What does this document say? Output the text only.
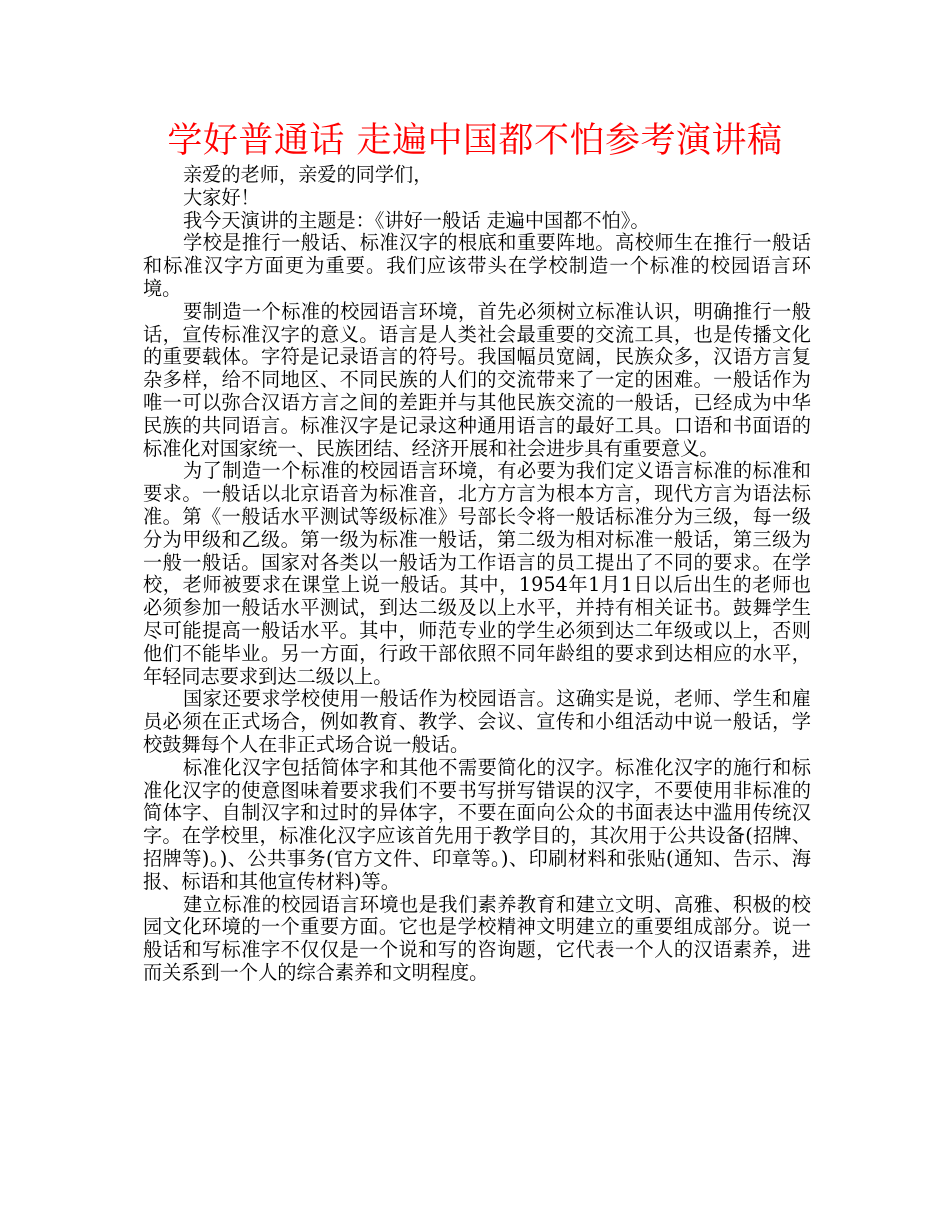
学好普通话 走遍中国都不怕参考演讲稿

亲爱的老师，亲爱的同学们，

大家好！

我今天演讲的主题是：《讲好一般话 走遍中国都不怕》。

学校是推行一般话、标准汉字的根底和重要阵地。高校师生在推行一般话和标准汉字方面更为重要。我们应该带头在学校制造一个标准的校园语言环境。

要制造一个标准的校园语言环境，首先必须树立标准认识，明确推行一般话，宣传标准汉字的意义。语言是人类社会最重要的交流工具，也是传播文化的重要载体。字符是记录语言的符号。我国幅员宽阔，民族众多，汉语方言复杂多样，给不同地区、不同民族的人们的交流带来了一定的困难。一般话作为唯一可以弥合汉语方言之间的差距并与其他民族交流的一般话，已经成为中华民族的共同语言。标准汉字是记录这种通用语言的最好工具。口语和书面语的标准化对国家统一、民族团结、经济开展和社会进步具有重要意义。

为了制造一个标准的校园语言环境，有必要为我们定义语言标准的标准和要求。一般话以北京语音为标准音，北方方言为根本方言，现代方言为语法标准。第《一般话水平测试等级标准》号部长令将一般话标准分为三级，每一级分为甲级和乙级。第一级为标准一般话，第二级为相对标准一般话，第三级为一般一般话。国家对各类以一般话为工作语言的员工提出了不同的要求。在学校，老师被要求在课堂上说一般话。其中，1954年1月1日以后出生的老师也必须参加一般话水平测试，到达二级及以上水平，并持有相关证书。鼓舞学生尽可能提高一般话水平。其中，师范专业的学生必须到达二年级或以上，否则他们不能毕业。另一方面，行政干部依照不同年龄组的要求到达相应的水平，年轻同志要求到达二级以上。

国家还要求学校使用一般话作为校园语言。这确实是说，老师、学生和雇员必须在正式场合，例如教育、教学、会议、宣传和小组活动中说一般话，学校鼓舞每个人在非正式场合说一般话。

标准化汉字包括简体字和其他不需要简化的汉字。标准化汉字的施行和标准化汉字的使意图味着要求我们不要书写拼写错误的汉字，不要使用非标准的简体字、自制汉字和过时的异体字，不要在面向公众的书面表达中滥用传统汉字。在学校里，标准化汉字应该首先用于教学目的，其次用于公共设备(招牌、招牌等)。)、公共事务(官方文件、印章等。)、印刷材料和张贴(通知、告示、海报、标语和其他宣传材料)等。

建立标准的校园语言环境也是我们素养教育和建立文明、高雅、积极的校园文化环境的一个重要方面。它也是学校精神文明建立的重要组成部分。说一般话和写标准字不仅仅是一个说和写的咨询题，它代表一个人的汉语素养，进而关系到一个人的综合素养和文明程度。
